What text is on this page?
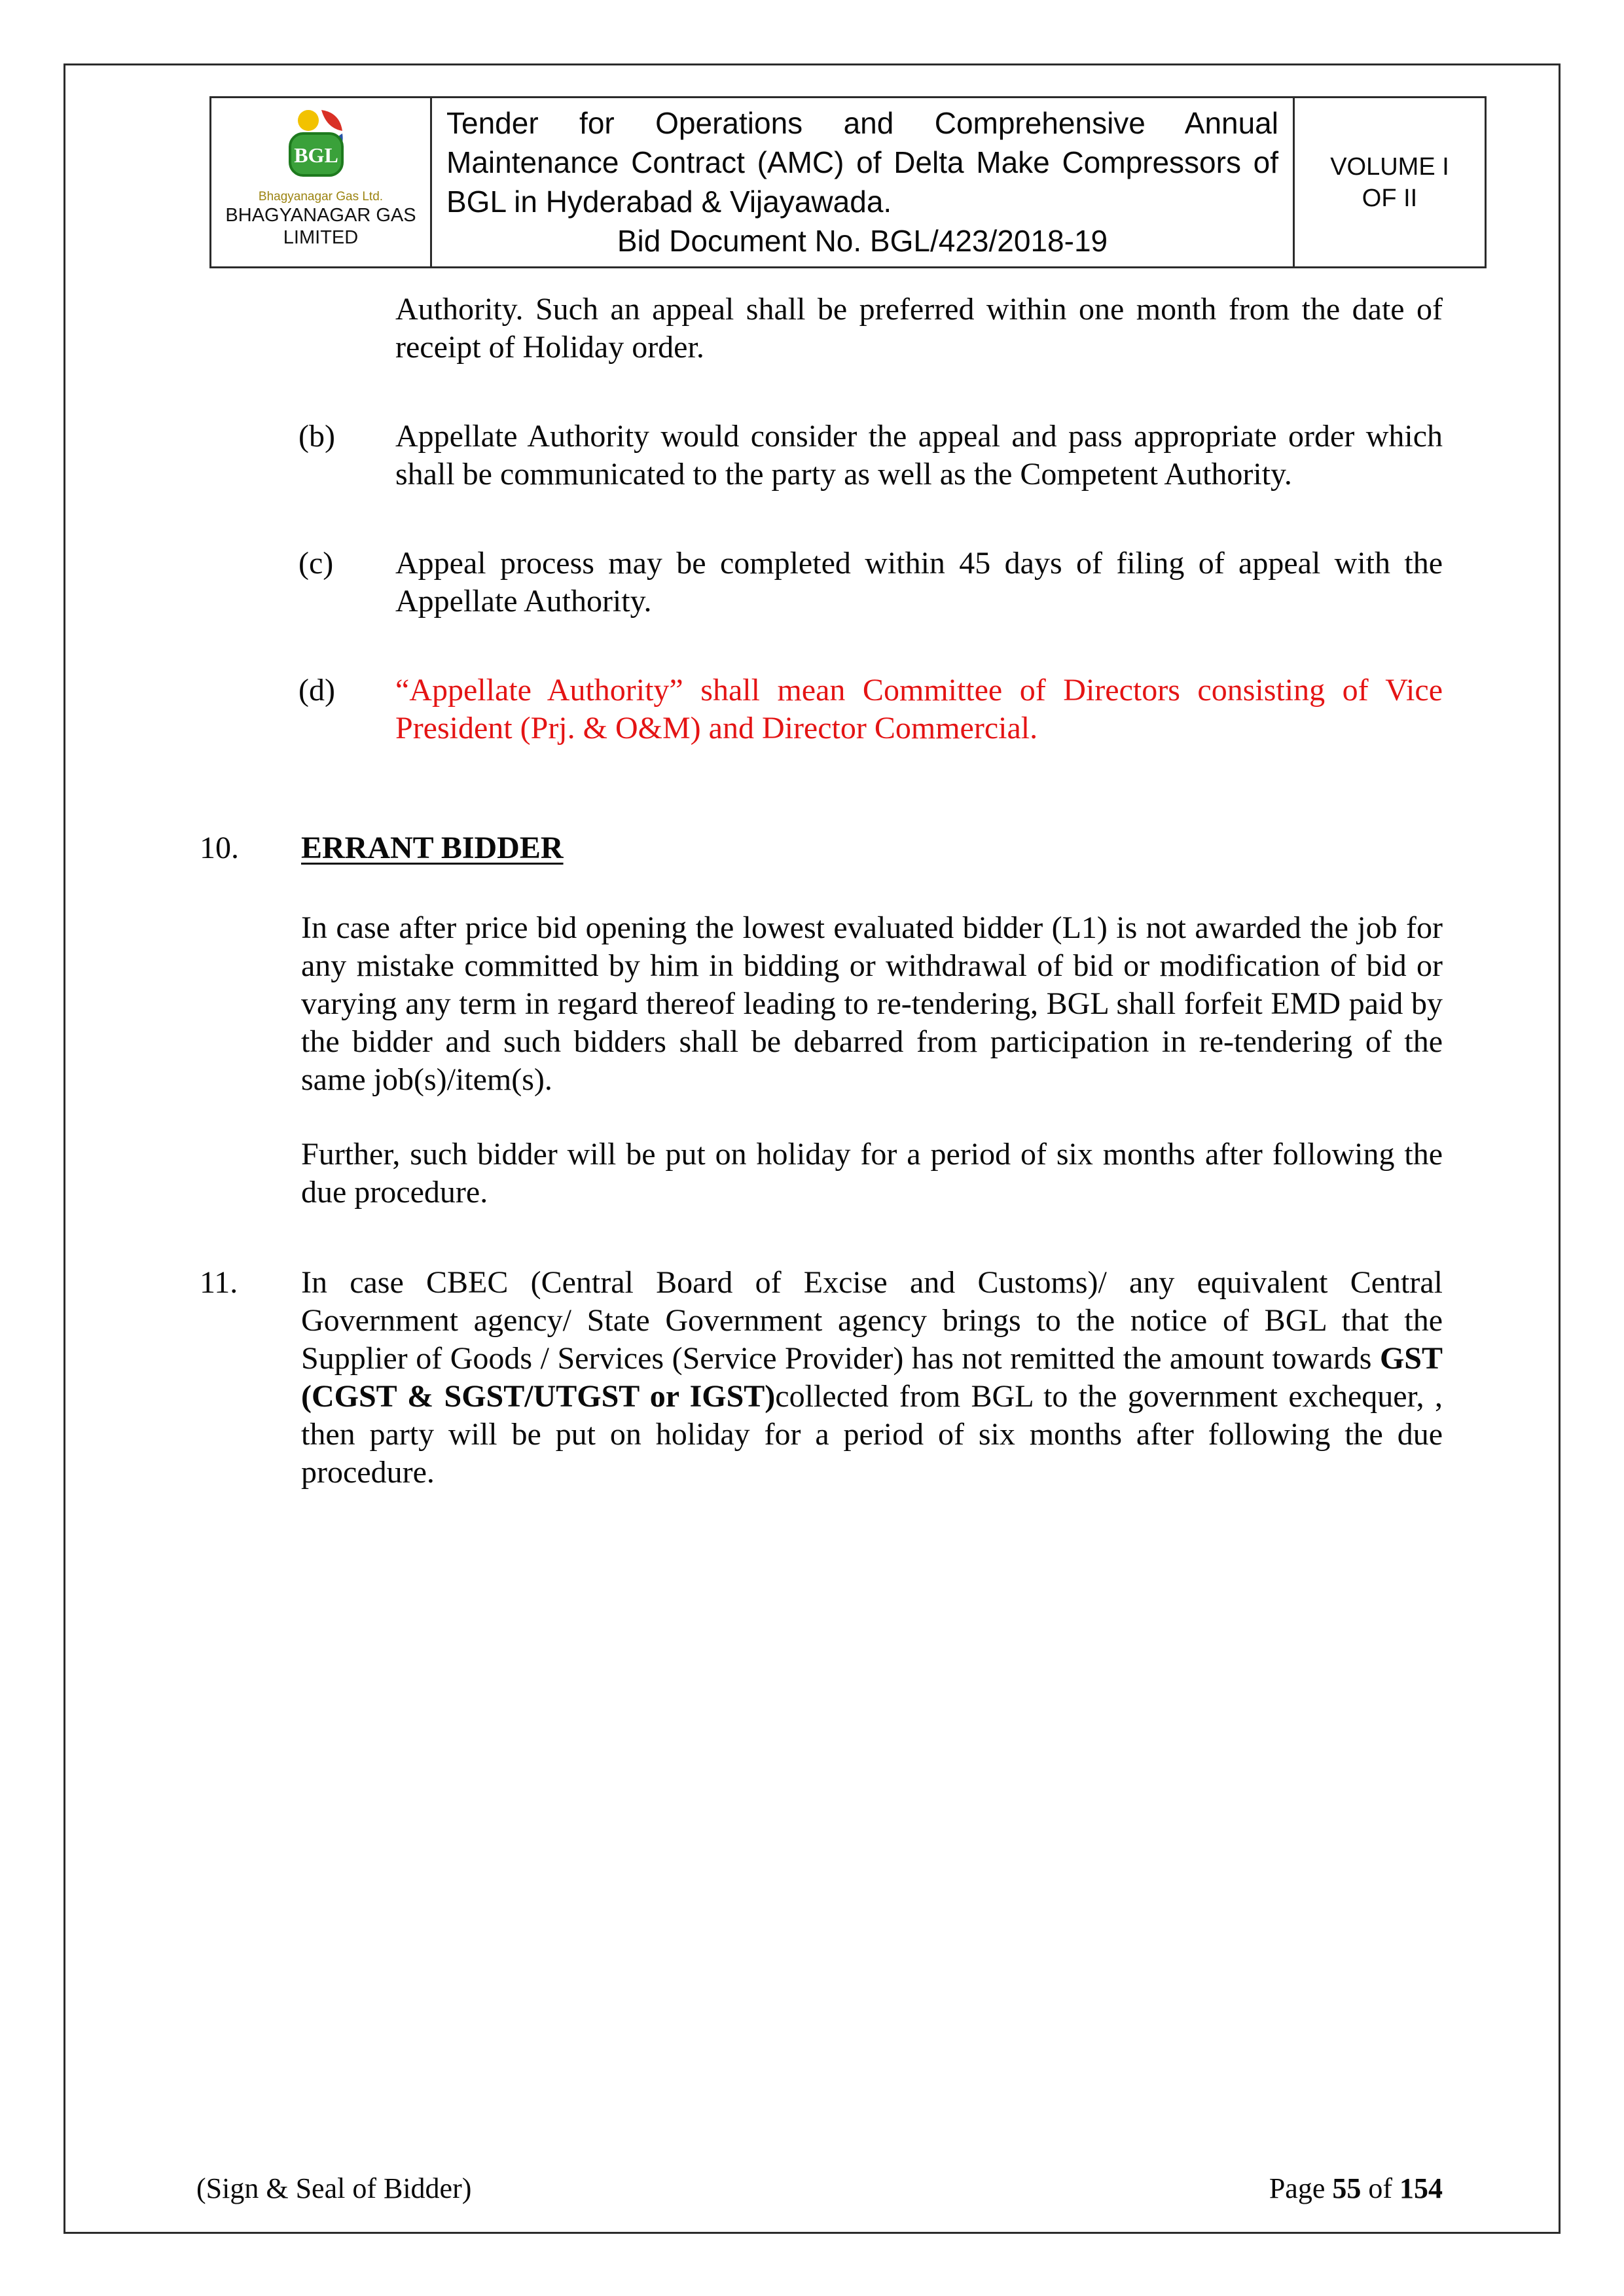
BGL
Bhagyanagar Gas Ltd.
BHAGYANAGAR GAS
LIMITED
Tender for Operations and Comprehensive Annual Maintenance Contract (AMC) of Delta Make Compressors of BGL in Hyderabad & Vijayawada.
Bid Document No. BGL/423/2018-19
VOLUME I
OF II

Authority. Such an appeal shall be preferred within one month from the date of receipt of Holiday order.

(b)	Appellate Authority would consider the appeal and pass appropriate order which shall be communicated to the party as well as the Competent Authority.
(c)	Appeal process may be completed within 45 days of filing of appeal with the Appellate Authority.
(d)	“Appellate Authority” shall mean Committee of Directors consisting of Vice President (Prj. & O&M) and Director Commercial.
10.	ERRANT BIDDER

In case after price bid opening the lowest evaluated bidder (L1) is not awarded the job for any mistake committed by him in bidding or withdrawal of bid or modification of bid or varying any term in regard thereof leading to re-tendering, BGL shall forfeit EMD paid by the bidder and such bidders shall be debarred from participation in re-tendering of the same job(s)/item(s).

Further, such bidder will be put on holiday for a period of six months after following the due procedure.

11.	In case CBEC (Central Board of Excise and Customs)/ any equivalent Central Government agency/ State Government agency brings to the notice of BGL that the Supplier of Goods / Services (Service Provider) has not remitted the amount towards GST (CGST & SGST/UTGST or IGST)collected from BGL to the government exchequer, , then party will be put on holiday for a period of six months after following the due procedure.
(Sign & Seal of Bidder)	Page 55 of 154
